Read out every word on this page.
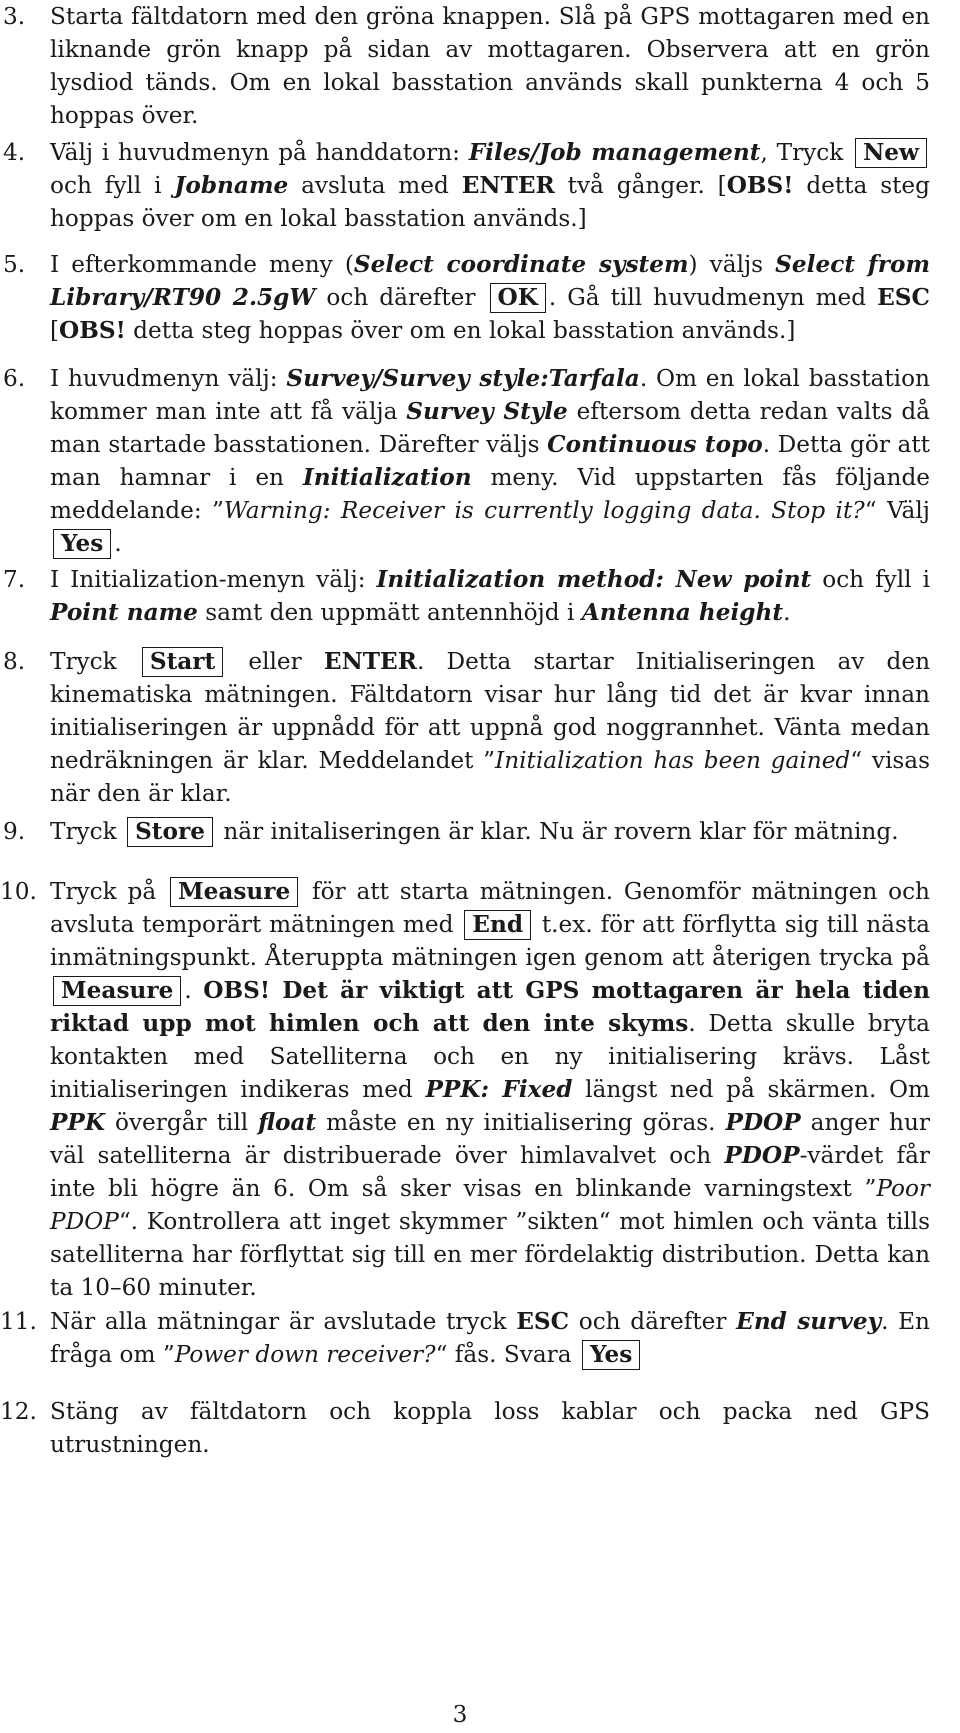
3. Starta fältdatorn med den gröna knappen. Slå på GPS mottagaren med en liknande grön knapp på sidan av mottagaren. Observera att en grön lysdiod tänds. Om en lokal basstation används skall punkterna 4 och 5 hoppas över.
4. Välj i huvudmenyn på handdatorn: Files/Job management, Tryck New och fyll i Jobname avsluta med ENTER två gånger. [OBS! detta steg hoppas över om en lokal basstation används.]
5. I efterkommande meny (Select coordinate system) väljs Select from Library/RT90 2.5gW och därefter OK . Gå till huvudmenyn med ESC [OBS! detta steg hoppas över om en lokal basstation används.]
6. I huvudmenyn välj: Survey/Survey style:Tarfala. Om en lokal basstation kommer man inte att få välja Survey Style eftersom detta redan valts då man startade basstationen. Därefter väljs Continuous topo. Detta gör att man hamnar i en Initialization meny. Vid uppstarten fås följande meddelande: ”Warning: Receiver is currently logging data. Stop it?“ Välj Yes .
7. I Initialization-menyn välj: Initialization method: New point och fyll i Point name samt den uppmätt antennhöjd i Antenna height.
8. Tryck Start eller ENTER. Detta startar Initialiseringen av den kinematiska mätningen. Fältdatorn visar hur lång tid det är kvar innan initialiseringen är uppnådd för att uppnå god noggrannhet. Vänta medan nedräkningen är klar. Meddelandet ”Initialization has been gained“ visas när den är klar.
9. Tryck Store när initaliseringen är klar. Nu är rovern klar för mätning.
10. Tryck på Measure för att starta mätningen. Genomför mätningen och avsluta temporärt mätningen med End t.ex. för att förflytta sig till nästa inmätningspunkt. Återuppta mätningen igen genom att återigen trycka på Measure . OBS! Det är viktigt att GPS mottagaren är hela tiden riktad upp mot himlen och att den inte skyms. Detta skulle bryta kontakten med Satelliterna och en ny initialisering krävs. Låst initialiseringen indikeras med PPK: Fixed längst ned på skärmen. Om PPK övergår till float måste en ny initialisering göras. PDOP anger hur väl satelliterna är distribuerade över himlavalvet och PDOP-värdet får inte bli högre än 6. Om så sker visas en blinkande varningstext ”Poor PDOP“. Kontrollera att inget skymmer ”sikten“ mot himlen och vänta tills satelliterna har förflyttat sig till en mer fördelaktig distribution. Detta kan ta 10–60 minuter.
11. När alla mätningar är avslutade tryck ESC och därefter End survey. En fråga om ”Power down receiver?“ fås. Svara Yes
12. Stäng av fältdatorn och koppla loss kablar och packa ned GPS utrustningen.
3
